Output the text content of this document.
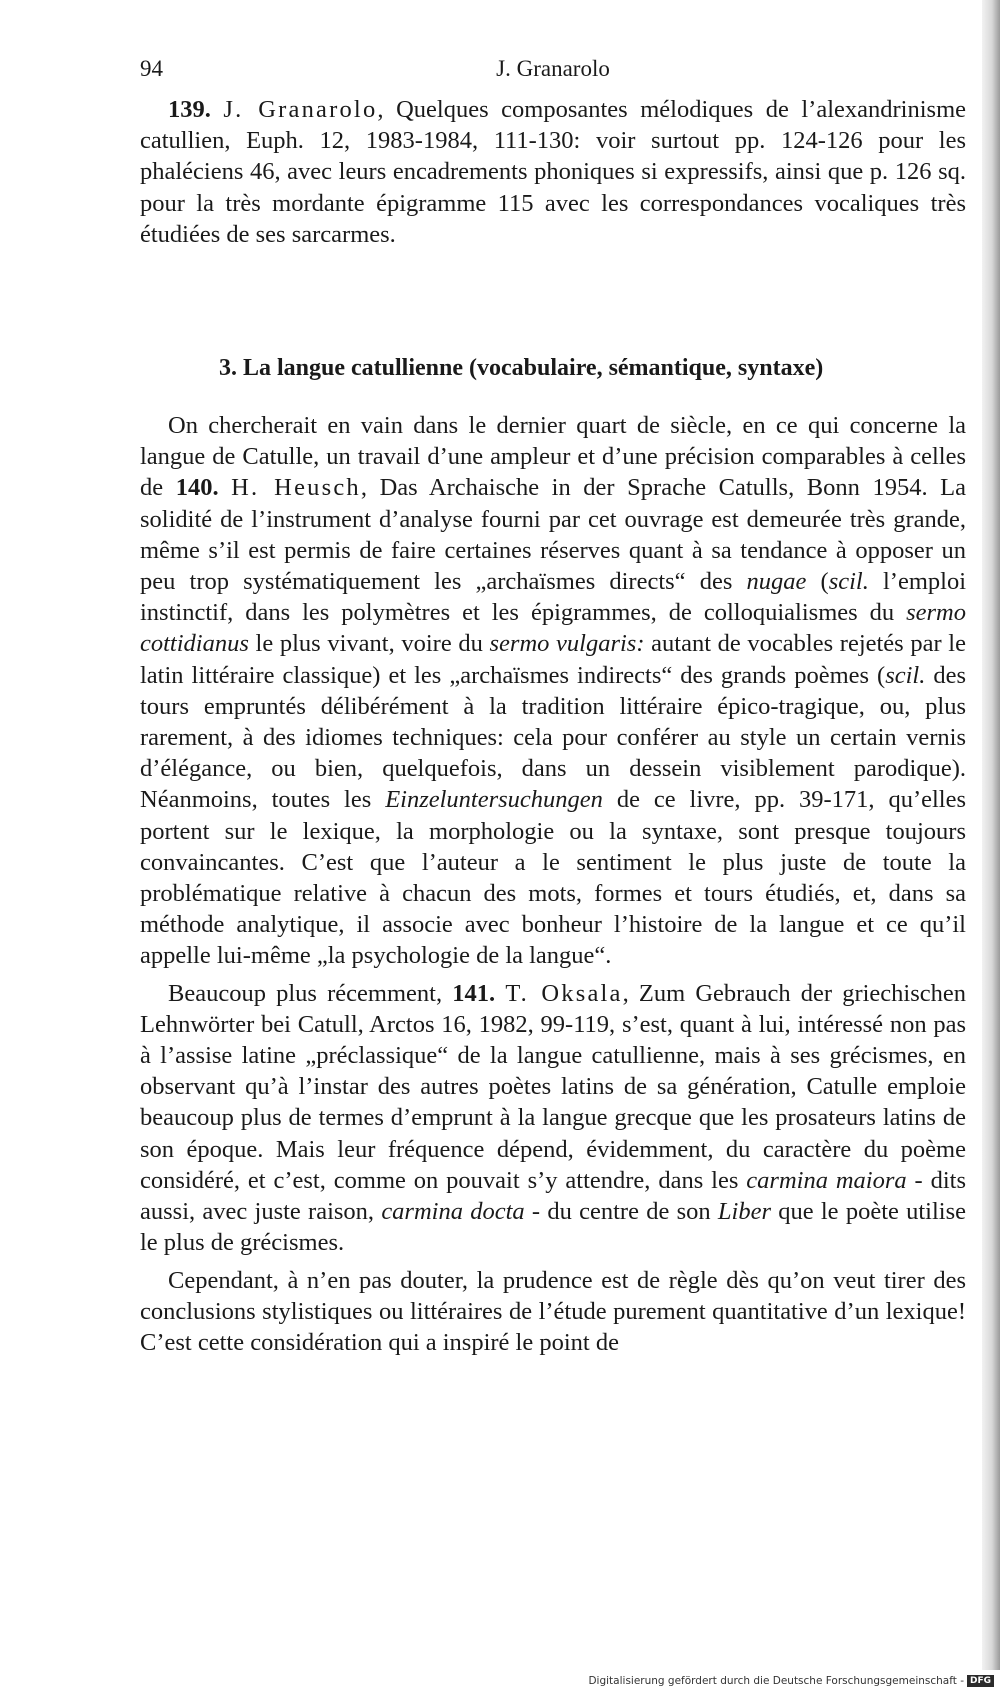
94	J. Granarolo

139. J. Granarolo, Quelques composantes mélodiques de l’alexandrinisme catullien, Euph. 12, 1983-1984, 111-130: voir surtout pp. 124-126 pour les phaléciens 46, avec leurs encadrements phoniques si expressifs, ainsi que p. 126 sq. pour la très mordante épigramme 115 avec les correspondances vocaliques très étudiées de ses sarcarmes.

3. La langue catullienne (vocabulaire, sémantique, syntaxe)

On chercherait en vain dans le dernier quart de siècle, en ce qui concerne la langue de Catulle, un travail d’une ampleur et d’une précision comparables à celles de 140. H. Heusch, Das Archaische in der Sprache Catulls, Bonn 1954. La solidité de l’instrument d’analyse fourni par cet ouvrage est demeurée très grande, même s’il est permis de faire certaines réserves quant à sa tendance à opposer un peu trop systématiquement les „archaïsmes directs“ des nugae (scil. l’emploi instinctif, dans les polymètres et les épigrammes, de colloquialismes du sermo cottidianus le plus vivant, voire du sermo vulgaris: autant de vocables rejetés par le latin littéraire classique) et les „archaïsmes indirects“ des grands poèmes (scil. des tours empruntés délibérément à la tradition littéraire épico-tragique, ou, plus rarement, à des idiomes techniques: cela pour conférer au style un certain vernis d’élégance, ou bien, quelquefois, dans un dessein visiblement parodique). Néanmoins, toutes les Einzeluntersuchungen de ce livre, pp. 39-171, qu’elles portent sur le lexique, la morphologie ou la syntaxe, sont presque toujours convaincantes. C’est que l’auteur a le sentiment le plus juste de toute la problématique relative à chacun des mots, formes et tours étudiés, et, dans sa méthode analytique, il associe avec bonheur l’histoire de la langue et ce qu’il appelle lui-même „la psychologie de la langue“.

Beaucoup plus récemment, 141. T. Oksala, Zum Gebrauch der griechischen Lehnwörter bei Catull, Arctos 16, 1982, 99-119, s’est, quant à lui, intéressé non pas à l’assise latine „préclassique“ de la langue catullienne, mais à ses grécismes, en observant qu’à l’instar des autres poètes latins de sa génération, Catulle emploie beaucoup plus de termes d’emprunt à la langue grecque que les prosateurs latins de son époque. Mais leur fréquence dépend, évidemment, du caractère du poème considéré, et c’est, comme on pouvait s’y attendre, dans les carmina maiora - dits aussi, avec juste raison, carmina docta - du centre de son Liber que le poète utilise le plus de grécismes.

Cependant, à n’en pas douter, la prudence est de règle dès qu’on veut tirer des conclusions stylistiques ou littéraires de l’étude purement quantitative d’un lexique! C’est cette considération qui a inspiré le point de

Digitalisierung gefördert durch die Deutsche Forschungsgemeinschaft - DFG
